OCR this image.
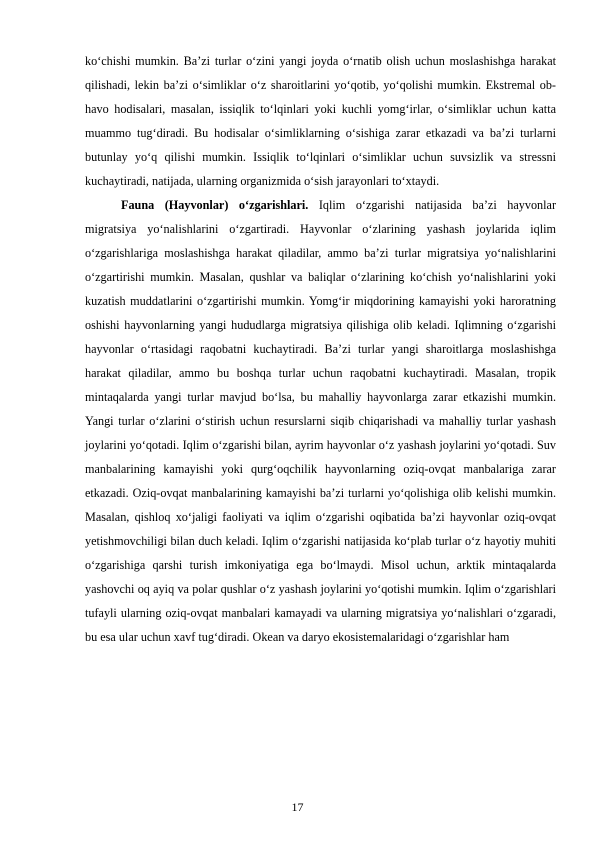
ko‘chishi mumkin. Ba’zi turlar o‘zini yangi joyda o‘rnatib olish uchun moslashishga harakat qilishadi, lekin ba’zi o‘simliklar o‘z sharoitlarini yo‘qotib, yo‘qolishi mumkin. Ekstremal ob-havo hodisalari, masalan, issiqlik to‘lqinlari yoki kuchli yomg‘irlar, o‘simliklar uchun katta muammo tug‘diradi. Bu hodisalar o‘simliklarning o‘sishiga zarar etkazadi va ba’zi turlarni butunlay yo‘q qilishi mumkin. Issiqlik to‘lqinlari o‘simliklar uchun suvsizlik va stressni kuchaytiradi, natijada, ularning organizmida o‘sish jarayonlari to‘xtaydi.

Fauna (Hayvonlar) o‘zgarishlari. Iqlim o‘zgarishi natijasida ba’zi hayvonlar migratsiya yo‘nalishlarini o‘zgartiradi. Hayvonlar o‘zlarining yashash joylarida iqlim o‘zgarishlariga moslashishga harakat qiladilar, ammo ba’zi turlar migratsiya yo‘nalishlarini o‘zgartirishi mumkin. Masalan, qushlar va baliqlar o‘zlarining ko‘chish yo‘nalishlarini yoki kuzatish muddatlarini o‘zgartirishi mumkin. Yomg‘ir miqdorining kamayishi yoki haroratning oshishi hayvonlarning yangi hududlarga migratsiya qilishiga olib keladi. Iqlimning o‘zgarishi hayvonlar o‘rtasidagi raqobatni kuchaytiradi. Ba’zi turlar yangi sharoitlarga moslashishga harakat qiladilar, ammo bu boshqa turlar uchun raqobatni kuchaytiradi. Masalan, tropik mintaqalarda yangi turlar mavjud bo‘lsa, bu mahalliy hayvonlarga zarar etkazishi mumkin. Yangi turlar o‘zlarini o‘stirish uchun resurslarni siqib chiqarishadi va mahalliy turlar yashash joylarini yo‘qotadi. Iqlim o‘zgarishi bilan, ayrim hayvonlar o‘z yashash joylarini yo‘qotadi. Suv manbalarining kamayishi yoki qurg‘oqchilik hayvonlarning oziq-ovqat manbalariga zarar etkazadi. Oziq-ovqat manbalarining kamayishi ba’zi turlarni yo‘qolishiga olib kelishi mumkin. Masalan, qishloq xo‘jaligi faoliyati va iqlim o‘zgarishi oqibatida ba’zi hayvonlar oziq-ovqat yetishmovchiligi bilan duch keladi. Iqlim o‘zgarishi natijasida ko‘plab turlar o‘z hayotiy muhiti o‘zgarishiga qarshi turish imkoniyatiga ega bo‘lmaydi. Misol uchun, arktik mintaqalarda yashovchi oq ayiq va polar qushlar o‘z yashash joylarini yo‘qotishi mumkin. Iqlim o‘zgarishlari tufayli ularning oziq-ovqat manbalari kamayadi va ularning migratsiya yo‘nalishlari o‘zgaradi, bu esa ular uchun xavf tug‘diradi. Okean va daryo ekosistemalaridagi o‘zgarishlar ham

17
